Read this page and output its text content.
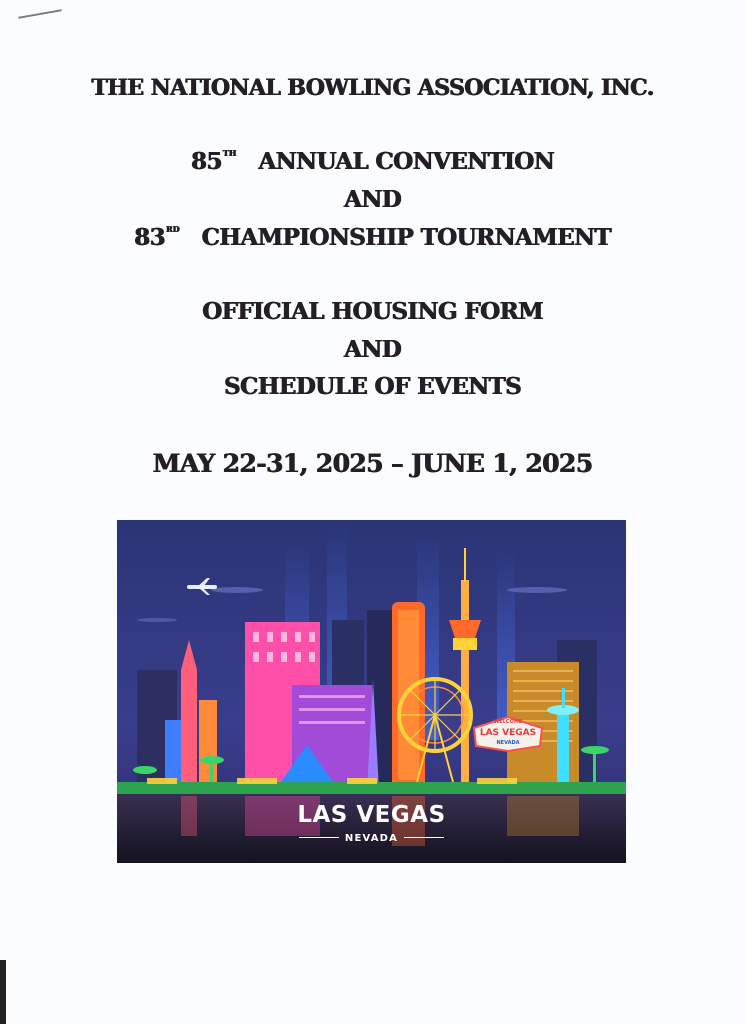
THE NATIONAL BOWLING ASSOCIATION, INC.
85TH ANNUAL CONVENTION
AND
83RD CHAMPIONSHIP TOURNAMENT
OFFICIAL HOUSING FORM
AND
SCHEDULE OF EVENTS
MAY 22-31, 2025 – JUNE 1, 2025
WELCOME
LAS VEGAS
NEVADA
LAS VEGAS
NEVADA
